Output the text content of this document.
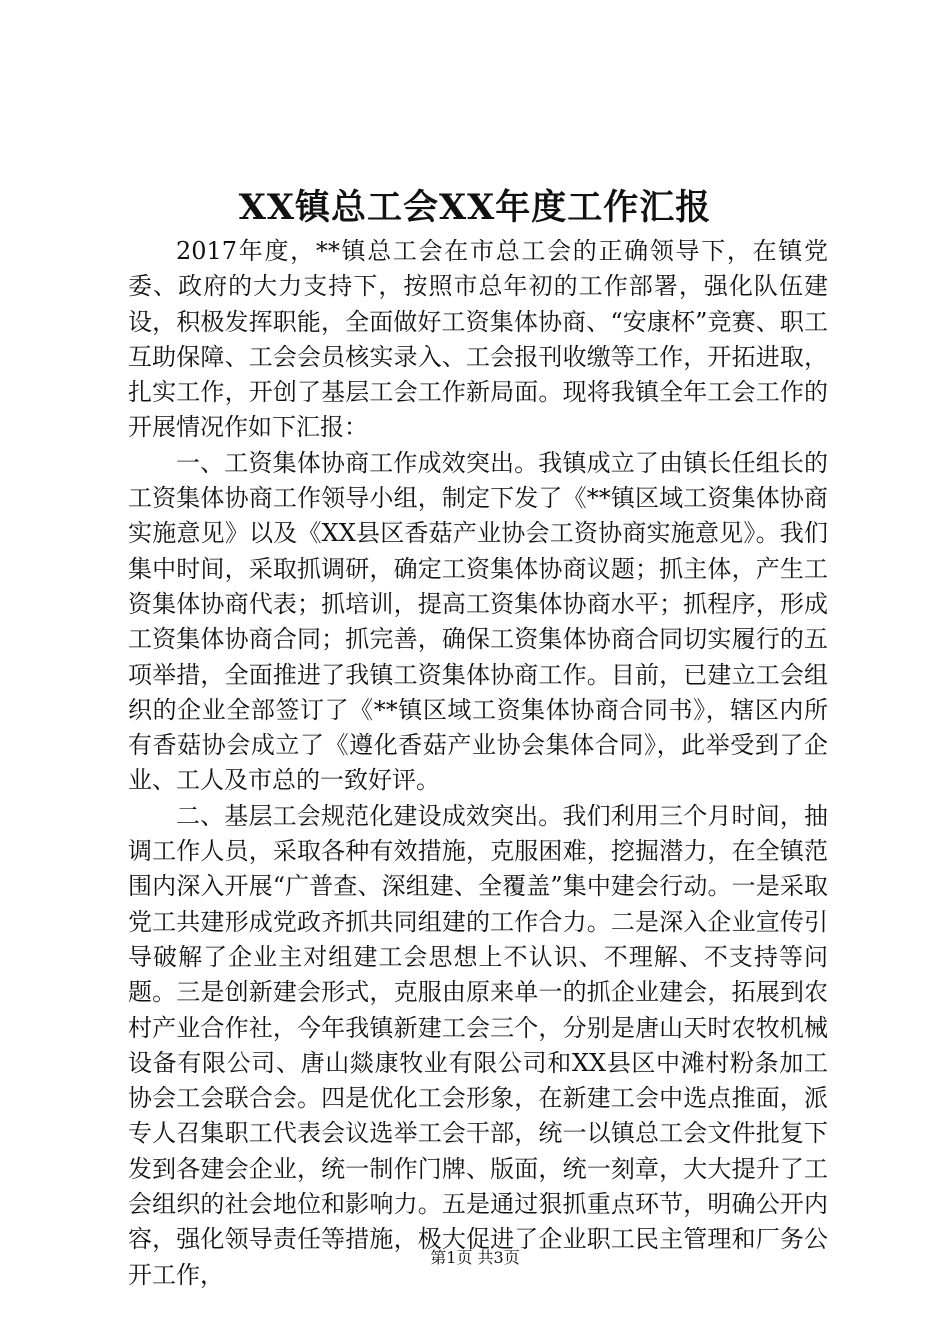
XX镇总工会XX年度工作汇报

2017年度，**镇总工会在市总工会的正确领导下，在镇党委、政府的大力支持下，按照市总年初的工作部署，强化队伍建设，积极发挥职能，全面做好工资集体协商、“安康杯”竞赛、职工互助保障、工会会员核实录入、工会报刊收缴等工作，开拓进取，扎实工作，开创了基层工会工作新局面。现将我镇全年工会工作的开展情况作如下汇报：

一、工资集体协商工作成效突出。我镇成立了由镇长任组长的工资集体协商工作领导小组，制定下发了《**镇区域工资集体协商实施意见》以及《XX县区香菇产业协会工资协商实施意见》。我们集中时间，采取抓调研，确定工资集体协商议题；抓主体，产生工资集体协商代表；抓培训，提高工资集体协商水平；抓程序，形成工资集体协商合同；抓完善，确保工资集体协商合同切实履行的五项举措，全面推进了我镇工资集体协商工作。目前，已建立工会组织的企业全部签订了《**镇区域工资集体协商合同书》，辖区内所有香菇协会成立了《遵化香菇产业协会集体合同》，此举受到了企业、工人及市总的一致好评。

二、基层工会规范化建设成效突出。我们利用三个月时间，抽调工作人员，采取各种有效措施，克服困难，挖掘潜力，在全镇范围内深入开展“广普查、深组建、全覆盖”集中建会行动。一是采取党工共建形成党政齐抓共同组建的工作合力。二是深入企业宣传引导破解了企业主对组建工会思想上不认识、不理解、不支持等问题。三是创新建会形式，克服由原来单一的抓企业建会，拓展到农村产业合作社，今年我镇新建工会三个，分别是唐山天时农牧机械设备有限公司、唐山燚康牧业有限公司和XX县区中滩村粉条加工协会工会联合会。四是优化工会形象，在新建工会中选点推面，派专人召集职工代表会议选举工会干部，统一以镇总工会文件批复下发到各建会企业，统一制作门牌、版面，统一刻章，大大提升了工会组织的社会地位和影响力。五是通过狠抓重点环节，明确公开内容，强化领导责任等措施，极大促进了企业职工民主管理和厂务公开工作，

第1页 共3页
